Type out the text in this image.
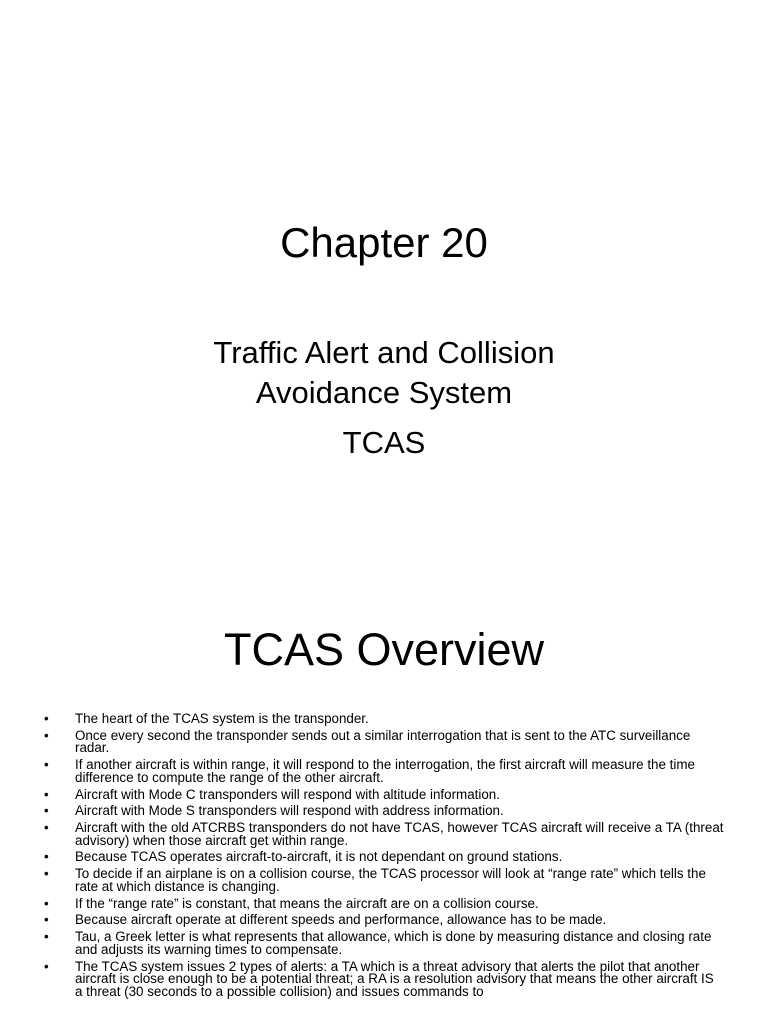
Chapter 20
Traffic Alert and Collision
Avoidance System
TCAS
TCAS Overview
•	The heart of the TCAS system is the transponder.
•	Once every second the transponder sends out a similar interrogation that is sent to the ATC surveillance radar.
•	If another aircraft is within range, it will respond to the interrogation, the first aircraft will measure the time difference to compute the range of the other aircraft.
•	Aircraft with Mode C transponders will respond with altitude information.
•	Aircraft with Mode S transponders will respond with address information.
•	Aircraft with the old ATCRBS transponders do not have TCAS, however TCAS aircraft will receive a TA (threat advisory) when those aircraft get within range.
•	Because TCAS operates aircraft-to-aircraft, it is not dependant on ground stations.
•	To decide if an airplane is on a collision course, the TCAS processor will look at “range rate” which tells the rate at which distance is changing.
•	If the “range rate” is constant, that means the aircraft are on a collision course.
•	Because aircraft operate at different speeds and performance, allowance has to be made.
•	Tau, a Greek letter is what represents that allowance, which is done by measuring distance and closing rate and adjusts its warning times to compensate.
•	The TCAS system issues 2 types of alerts: a TA which is a threat advisory that alerts the pilot that another aircraft is close enough to be a potential threat; a RA is a resolution advisory that means the other aircraft IS a threat (30 seconds to a possible collision) and issues commands to
